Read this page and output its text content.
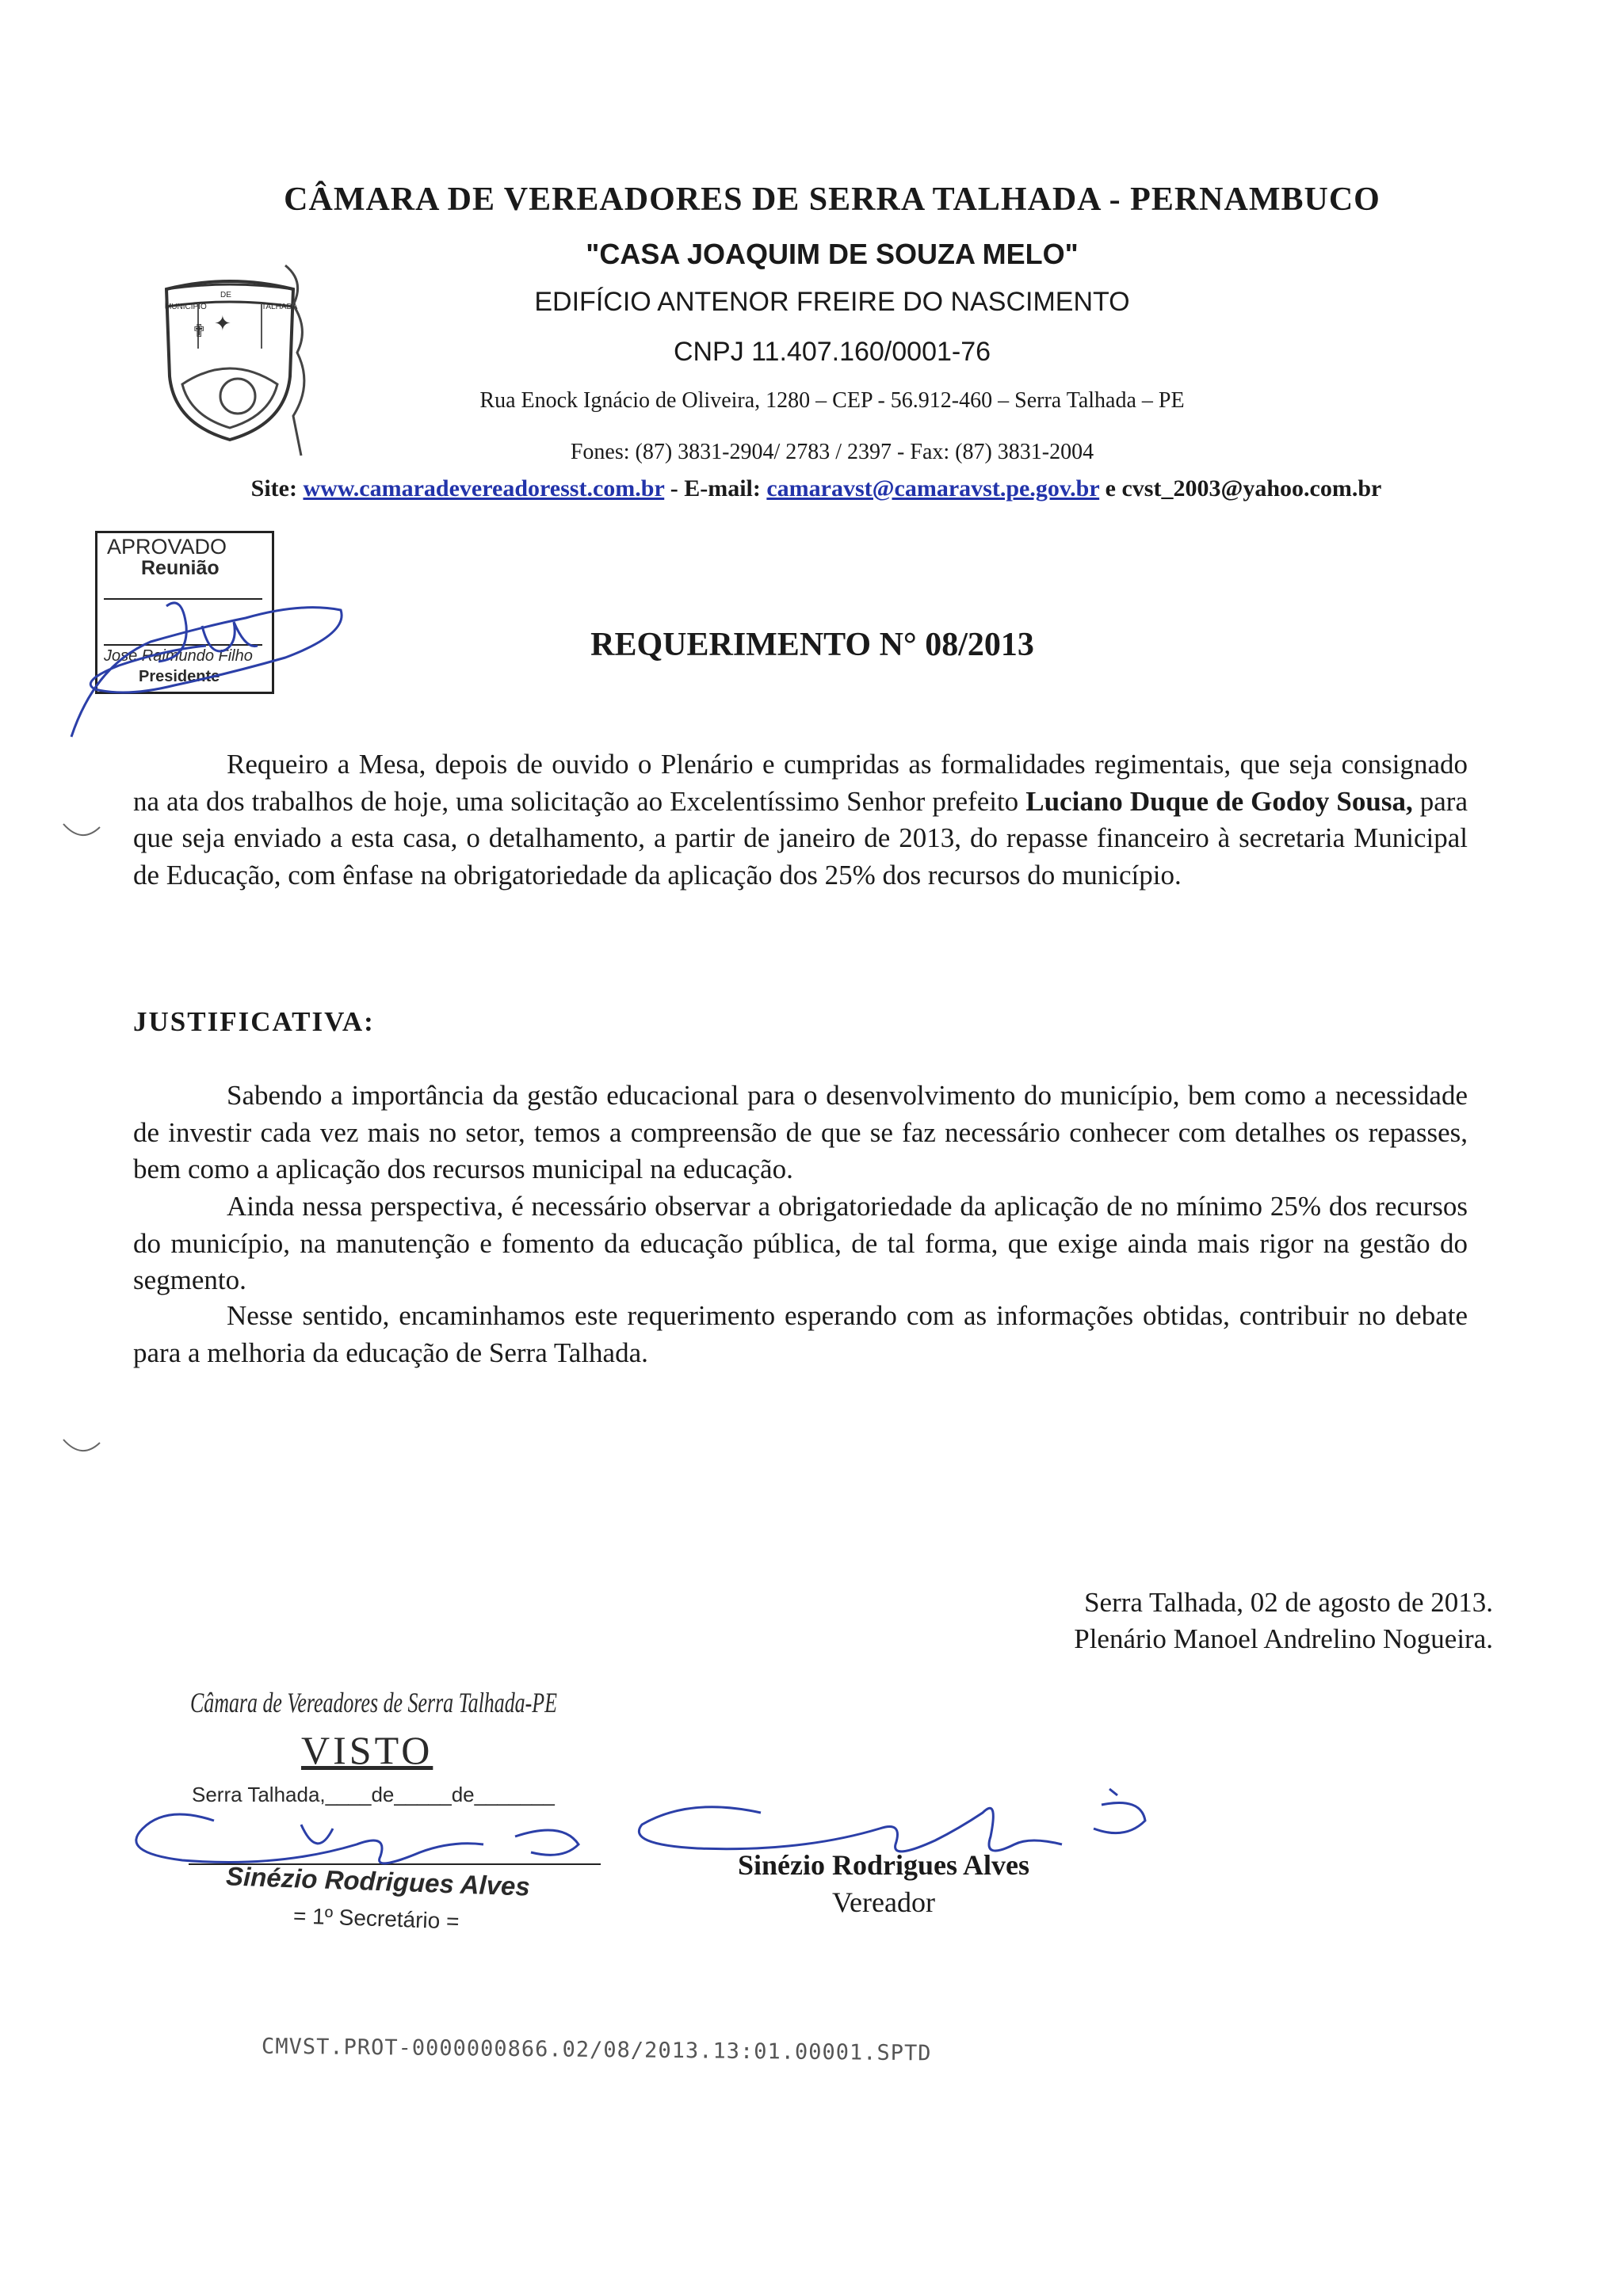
✦
✟
DE
MUNICIPIO	TALHADA
CÂMARA DE VEREADORES DE SERRA TALHADA - PERNAMBUCO
"CASA JOAQUIM DE SOUZA MELO"
EDIFÍCIO ANTENOR FREIRE DO NASCIMENTO
CNPJ 11.407.160/0001-76
Rua Enock Ignácio de Oliveira, 1280 – CEP - 56.912-460 – Serra Talhada – PE
Fones: (87) 3831-2904/ 2783 / 2397 - Fax: (87) 3831-2004
Site: www.camaradevereadoresst.com.br - E-mail: camaravst@camaravst.pe.gov.br e cvst_2003@yahoo.com.br
APROVADO
Reunião
José Raimundo Filho
Presidente
REQUERIMENTO N° 08/2013
Requeiro a Mesa, depois de ouvido o Plenário e cumpridas as formalidades regimentais, que seja consignado na ata dos trabalhos de hoje, uma solicitação ao Excelentíssimo Senhor prefeito Luciano Duque de Godoy Sousa, para que seja enviado a esta casa, o detalhamento, a partir de janeiro de 2013, do repasse financeiro à secretaria Municipal de Educação, com ênfase na obrigatoriedade da aplicação dos 25% dos recursos do município.
JUSTIFICATIVA:
Sabendo a importância da gestão educacional para o desenvolvimento do município, bem como a necessidade de investir cada vez mais no setor, temos a compreensão de que se faz necessário conhecer com detalhes os repasses, bem como a aplicação dos recursos municipal na educação.
Ainda nessa perspectiva, é necessário observar a obrigatoriedade da aplicação de no mínimo 25% dos recursos do município, na manutenção e fomento da educação pública, de tal forma, que exige ainda mais rigor na gestão do segmento.
Nesse sentido, encaminhamos este requerimento esperando com as informações obtidas, contribuir no debate para a melhoria da educação de Serra Talhada.
Serra Talhada, 02 de agosto de 2013.
Plenário Manoel Andrelino Nogueira.
Câmara de Vereadores de Serra Talhada-PE
VISTO
Serra Talhada,____de_____de_______
Sinézio Rodrigues Alves
= 1º Secretário =
Sinézio Rodrigues Alves
Vereador
CMVST.PROT-0000000866.02/08/2013.13:01.00001.SPTD
